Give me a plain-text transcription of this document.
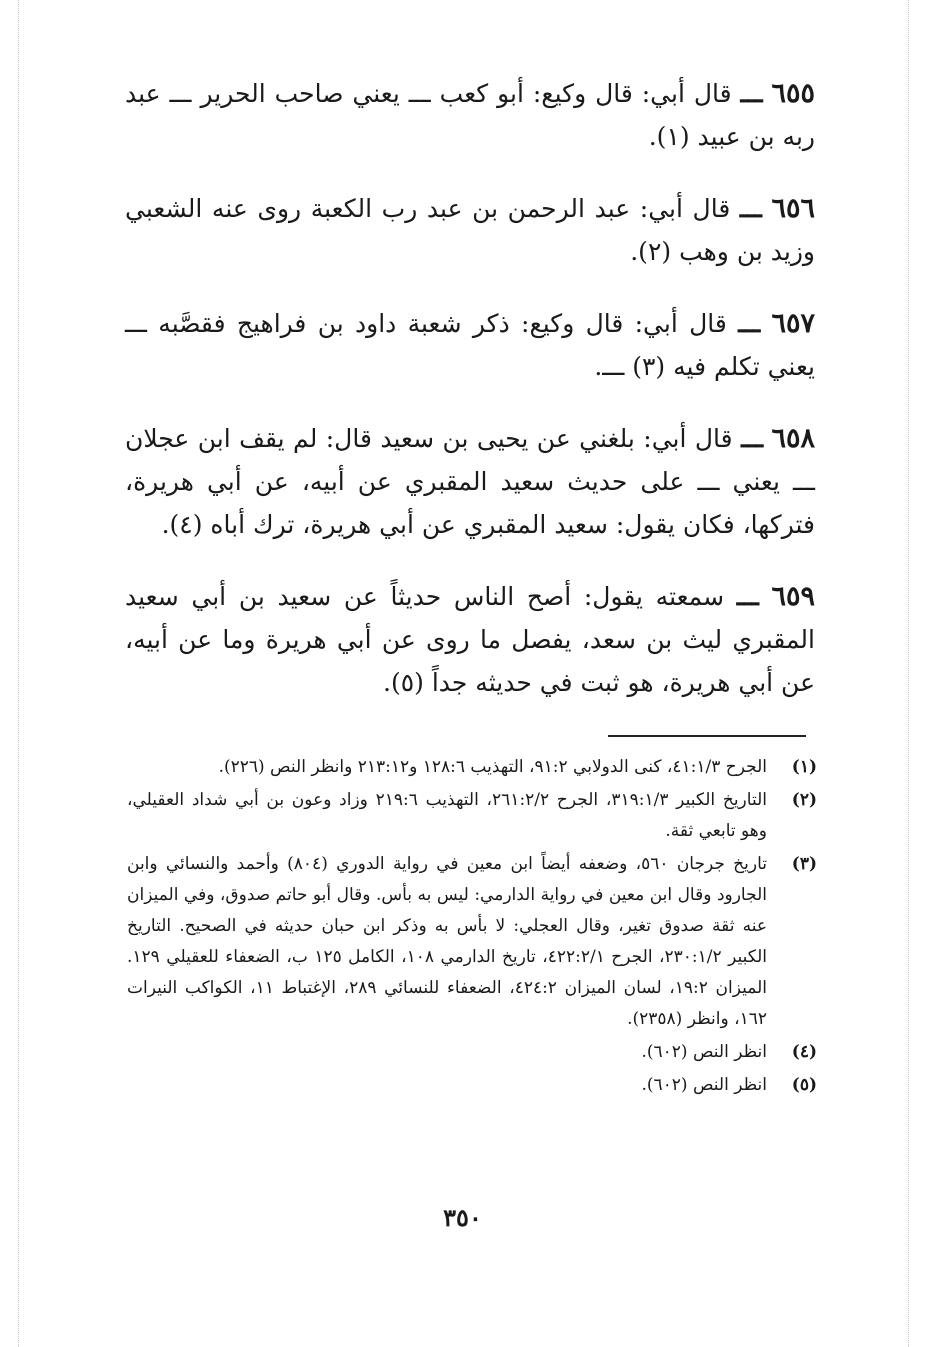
٦٥٥ ـــ قال أبي: قال وكيع: أبو كعب ـــ يعني صاحب الحرير ـــ عبد ربه بن عبيد (١).

٦٥٦ ـــ قال أبي: عبد الرحمن بن عبد رب الكعبة روى عنه الشعبي وزيد بن وهب (٢).

٦٥٧ ـــ قال أبي: قال وكيع: ذكر شعبة داود بن فراهيج فقصَّبه ـــ يعني تكلم فيه (٣) ـــ.

٦٥٨ ـــ قال أبي: بلغني عن يحيى بن سعيد قال: لم يقف ابن عجلان ـــ يعني ـــ على حديث سعيد المقبري عن أبيه، عن أبي هريرة، فتركها، فكان يقول: سعيد المقبري عن أبي هريرة، ترك أباه (٤).

٦٥٩ ـــ سمعته يقول: أصح الناس حديثاً عن سعيد بن أبي سعيد المقبري ليث بن سعد، يفصل ما روى عن أبي هريرة وما عن أبيه، عن أبي هريرة، هو ثبت في حديثه جداً (٥).

(١)
الجرح ٤١:١/٣، كنى الدولابي ٩١:٢، التهذيب ١٢٨:٦ و٢١٣:١٢ وانظر النص (٢٢٦).
(٢)
التاريخ الكبير ٣١٩:١/٣، الجرح ٢٦١:٢/٢، التهذيب ٢١٩:٦ وزاد وعون بن أبي شداد العقيلي، وهو تابعي ثقة.
(٣)
تاريخ جرجان ٥٦٠، وضعفه أيضاً ابن معين في رواية الدوري (٨٠٤) وأحمد والنسائي وابن الجارود وقال ابن معين في رواية الدارمي: ليس به بأس. وقال أبو حاتم صدوق، وفي الميزان عنه ثقة صدوق تغير، وقال العجلي: لا بأس به وذكر ابن حبان حديثه في الصحيح. التاريخ الكبير ٢٣٠:١/٢، الجرح ٤٢٢:٢/١، تاريخ الدارمي ١٠٨، الكامل ١٢٥ ب، الضعفاء للعقيلي ١٢٩. الميزان ١٩:٢، لسان الميزان ٤٢٤:٢، الضعفاء للنسائي ٢٨٩، الإغتباط ١١، الكواكب النيرات ١٦٢، وانظر (٢٣٥٨).
(٤)
انظر النص (٦٠٢).
(٥)
انظر النص (٦٠٢).
٣٥٠
